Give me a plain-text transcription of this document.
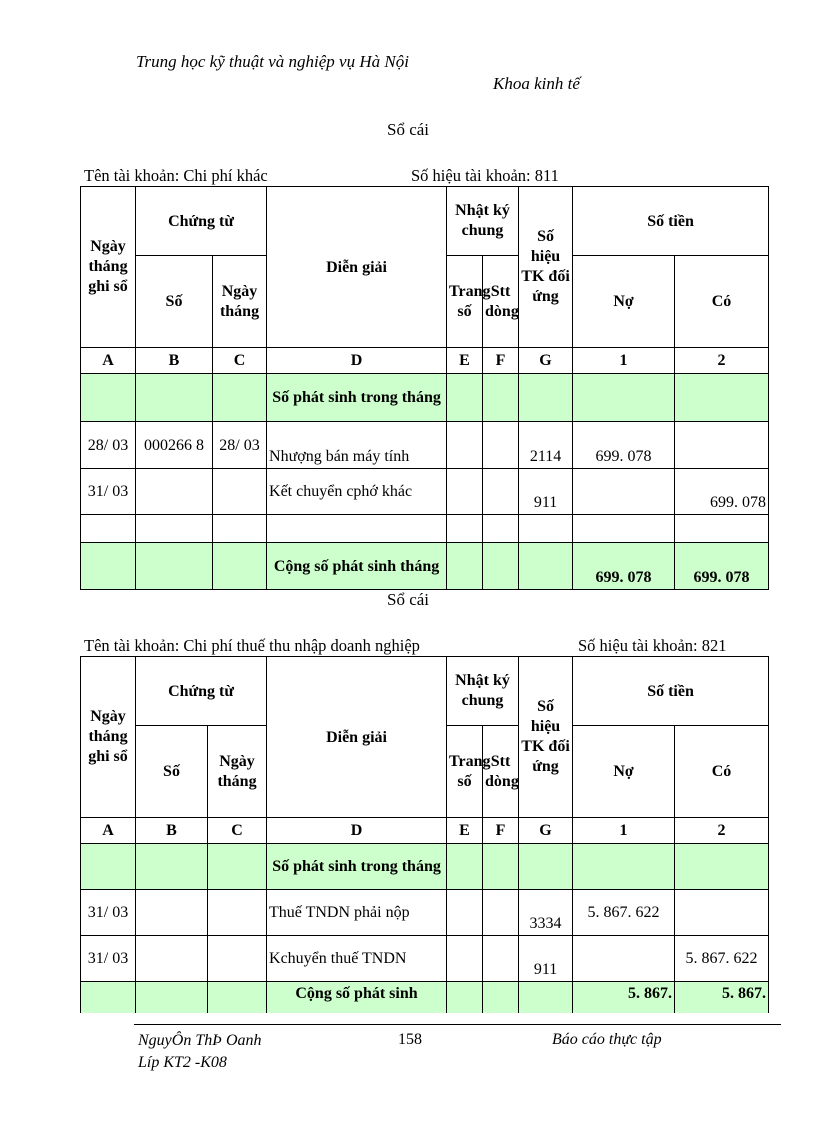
Trung học kỹ thuật và nghiệp vụ Hà Nội
Khoa kinh tế
Sổ cái
Tên tài khoản: Chi phí khác	Số hiệu tài khoản: 811
Ngày tháng ghi sổ	Chứng từ		Diễn giải	Nhật ký chung		Số hiệu TK đối ứng	Số tiền	
	Số	Ngày tháng		Trang số	Stt dòng		Nợ	Có
A	B	C	D	E	F	G	1	2
			Số phát sinh trong tháng					
28/ 03	000266 8	28/ 03	Nhượng bán máy tính			2114	699. 078	
31/ 03			Kết chuyển cphớ khác			911		699. 078

			Cộng số phát sinh tháng				699. 078	699. 078
Sổ cái
Tên tài khoản: Chi phí thuế thu nhập doanh nghiệp	Số hiệu tài khoản: 821
Ngày tháng ghi sổ	Chứng từ		Diễn giải	Nhật ký chung		Số hiệu TK đối ứng	Số tiền	
	Số	Ngày tháng		Trang số	Stt dòng		Nợ	Có
A	B	C	D	E	F	G	1	2
			Số phát sinh trong tháng					
31/ 03			Thuế TNDN phải nộp			3334	5. 867. 622	
31/ 03			Kchuyển thuế TNDN			911		5. 867. 622
			Cộng số phát sinh				5. 867.	5. 867.
NguyÔn ThÞ Oanh
Líp KT2 -K08
158	Báo cáo thực tập
